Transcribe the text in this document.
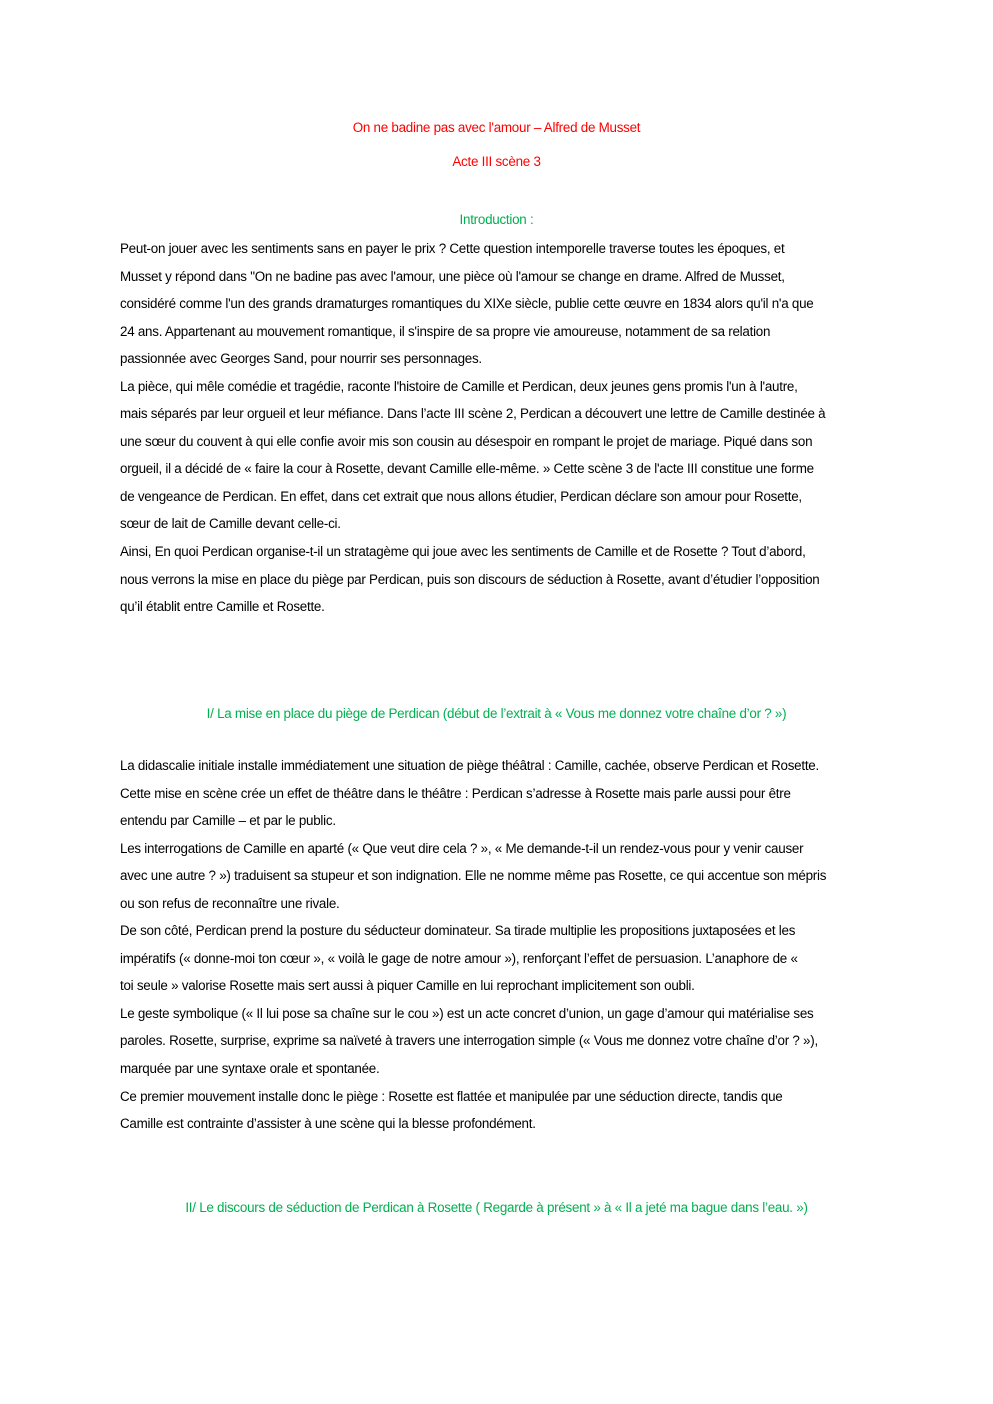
On ne badine pas avec l'amour – Alfred de Musset
Acte III scène 3
Introduction :
Peut-on jouer avec les sentiments sans en payer le prix ? Cette question intemporelle traverse toutes les époques, et
Musset y répond dans "On ne badine pas avec l'amour, une pièce où l'amour se change en drame. Alfred de Musset,
considéré comme l'un des grands dramaturges romantiques du XIXe siècle, publie cette œuvre en 1834 alors qu'il n'a que
24 ans. Appartenant au mouvement romantique, il s'inspire de sa propre vie amoureuse, notamment de sa relation
passionnée avec Georges Sand, pour nourrir ses personnages.
La pièce, qui mêle comédie et tragédie, raconte l'histoire de Camille et Perdican, deux jeunes gens promis l'un à l'autre,
mais séparés par leur orgueil et leur méfiance. Dans l’acte III scène 2, Perdican a découvert une lettre de Camille destinée à
une sœur du couvent à qui elle confie avoir mis son cousin au désespoir en rompant le projet de mariage. Piqué dans son
orgueil, il a décidé de « faire la cour à Rosette, devant Camille elle-même. » Cette scène 3 de l'acte III constitue une forme
de vengeance de Perdican. En effet, dans cet extrait que nous allons étudier, Perdican déclare son amour pour Rosette,
sœur de lait de Camille devant celle-ci.
Ainsi, En quoi Perdican organise-t-il un stratagème qui joue avec les sentiments de Camille et de Rosette ? Tout d’abord,
nous verrons la mise en place du piège par Perdican, puis son discours de séduction à Rosette, avant d’étudier l’opposition
qu’il établit entre Camille et Rosette.
I/ La mise en place du piège de Perdican (début de l’extrait à « Vous me donnez votre chaîne d’or ? »)
La didascalie initiale installe immédiatement une situation de piège théâtral : Camille, cachée, observe Perdican et Rosette.
Cette mise en scène crée un effet de théâtre dans le théâtre : Perdican s’adresse à Rosette mais parle aussi pour être
entendu par Camille – et par le public.
Les interrogations de Camille en aparté (« Que veut dire cela ? », « Me demande-t-il un rendez-vous pour y venir causer
avec une autre ? ») traduisent sa stupeur et son indignation. Elle ne nomme même pas Rosette, ce qui accentue son mépris
ou son refus de reconnaître une rivale.
De son côté, Perdican prend la posture du séducteur dominateur. Sa tirade multiplie les propositions juxtaposées et les
impératifs (« donne-moi ton cœur », « voilà le gage de notre amour »), renforçant l’effet de persuasion. L’anaphore de «
toi seule » valorise Rosette mais sert aussi à piquer Camille en lui reprochant implicitement son oubli.
Le geste symbolique (« Il lui pose sa chaîne sur le cou ») est un acte concret d’union, un gage d’amour qui matérialise ses
paroles. Rosette, surprise, exprime sa naïveté à travers une interrogation simple (« Vous me donnez votre chaîne d’or ? »),
marquée par une syntaxe orale et spontanée.
Ce premier mouvement installe donc le piège : Rosette est flattée et manipulée par une séduction directe, tandis que
Camille est contrainte d’assister à une scène qui la blesse profondément.
II/ Le discours de séduction de Perdican à Rosette ( Regarde à présent » à « Il a jeté ma bague dans l’eau. »)
